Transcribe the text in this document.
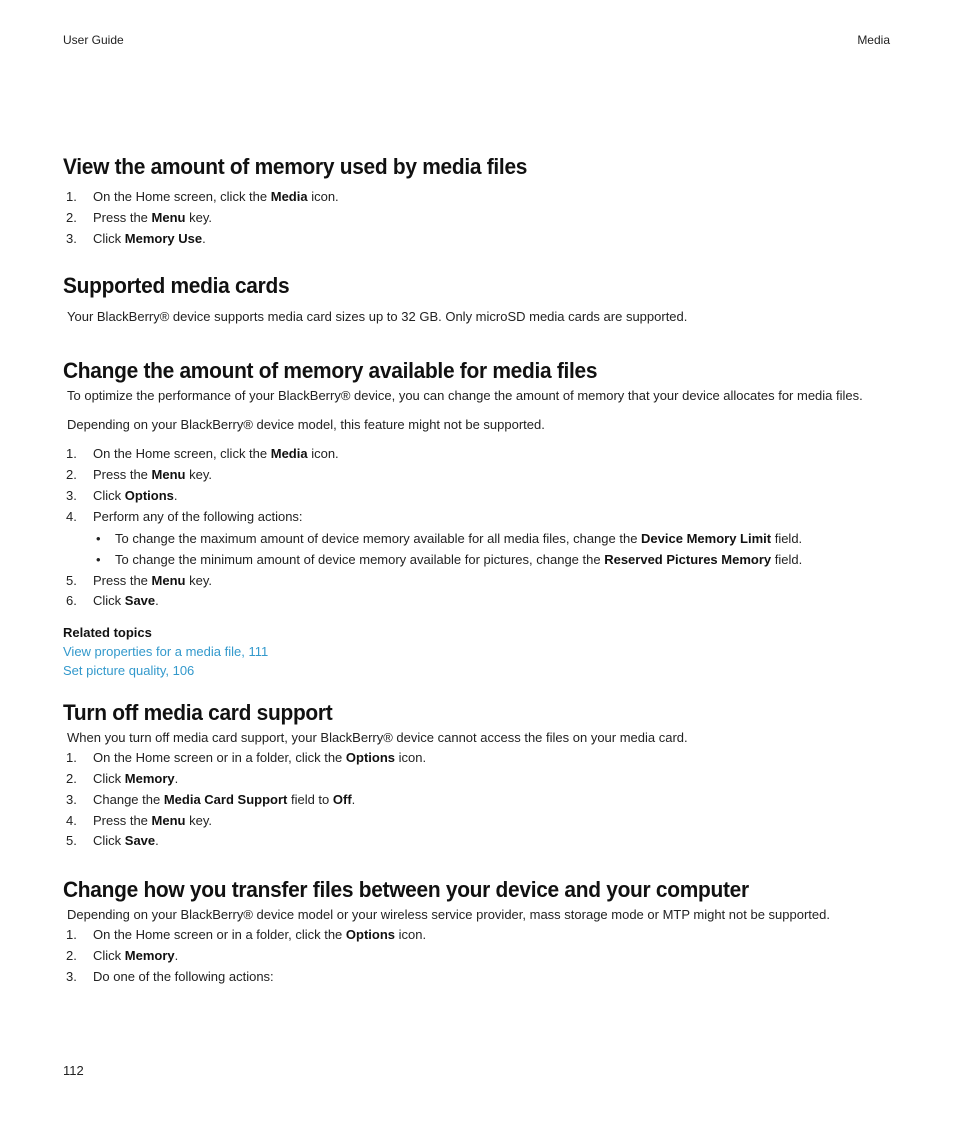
User Guide	Media
View the amount of memory used by media files
1. On the Home screen, click the Media icon.
2. Press the Menu key.
3. Click Memory Use.
Supported media cards

Your BlackBerry® device supports media card sizes up to 32 GB. Only microSD media cards are supported.

Change the amount of memory available for media files

To optimize the performance of your BlackBerry® device, you can change the amount of memory that your device allocates for media files.

Depending on your BlackBerry® device model, this feature might not be supported.

1. On the Home screen, click the Media icon.
2. Press the Menu key.
3. Click Options.
4. Perform any of the following actions:
• To change the maximum amount of device memory available for all media files, change the Device Memory Limit field.
• To change the minimum amount of device memory available for pictures, change the Reserved Pictures Memory field.
5. Press the Menu key.
6. Click Save.
Related topics
View properties for a media file, 111
Set picture quality, 106
Turn off media card support

When you turn off media card support, your BlackBerry® device cannot access the files on your media card.

1. On the Home screen or in a folder, click the Options icon.
2. Click Memory.
3. Change the Media Card Support field to Off.
4. Press the Menu key.
5. Click Save.
Change how you transfer files between your device and your computer

Depending on your BlackBerry® device model or your wireless service provider, mass storage mode or MTP might not be supported.

1. On the Home screen or in a folder, click the Options icon.
2. Click Memory.
3. Do one of the following actions:
112
